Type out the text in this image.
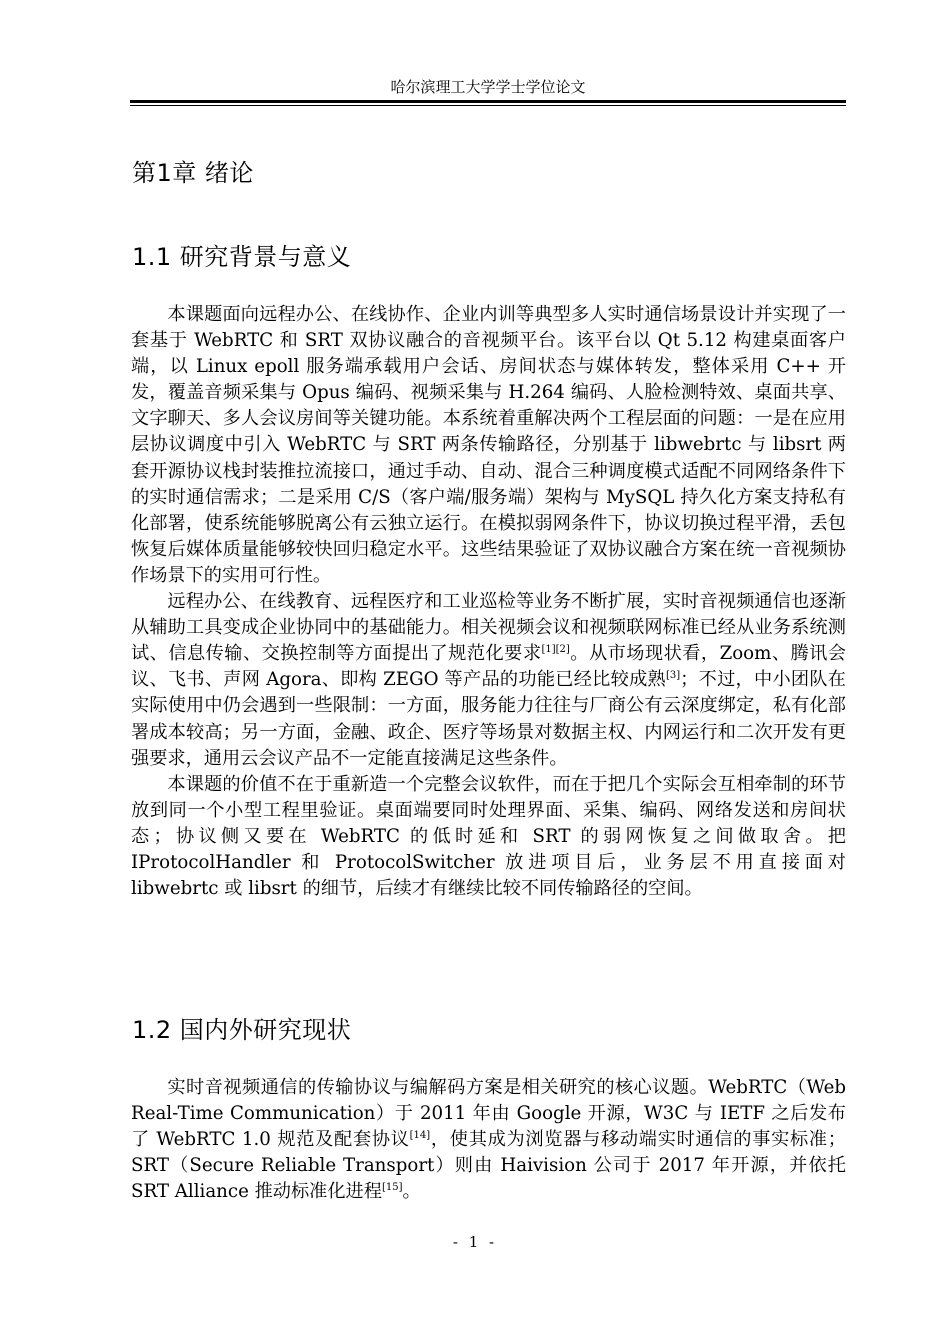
哈尔滨理工大学学士学位论文
第1章 绪论
1.1 研究背景与意义

本课题面向远程办公、在线协作、企业内训等典型多人实时通信场景设计并实现了一套基于 WebRTC 和 SRT 双协议融合的音视频平台。该平台以 Qt 5.12 构建桌面客户端，以 Linux epoll 服务端承载用户会话、房间状态与媒体转发，整体采用 C++ 开发，覆盖音频采集与 Opus 编码、视频采集与 H.264 编码、人脸检测特效、桌面共享、文字聊天、多人会议房间等关键功能。本系统着重解决两个工程层面的问题：一是在应用层协议调度中引入 WebRTC 与 SRT 两条传输路径，分别基于 libwebrtc 与 libsrt 两套开源协议栈封装推拉流接口，通过手动、自动、混合三种调度模式适配不同网络条件下的实时通信需求；二是采用 C/S（客户端/服务端）架构与 MySQL 持久化方案支持私有化部署，使系统能够脱离公有云独立运行。在模拟弱网条件下，协议切换过程平滑，丢包恢复后媒体质量能够较快回归稳定水平。这些结果验证了双协议融合方案在统一音视频协作场景下的实用可行性。

远程办公、在线教育、远程医疗和工业巡检等业务不断扩展，实时音视频通信也逐渐从辅助工具变成企业协同中的基础能力。相关视频会议和视频联网标准已经从业务系统测试、信息传输、交换控制等方面提出了规范化要求[1][2]。从市场现状看，Zoom、腾讯会议、飞书、声网 Agora、即构 ZEGO 等产品的功能已经比较成熟[3]；不过，中小团队在实际使用中仍会遇到一些限制：一方面，服务能力往往与厂商公有云深度绑定，私有化部署成本较高；另一方面，金融、政企、医疗等场景对数据主权、内网运行和二次开发有更强要求，通用云会议产品不一定能直接满足这些条件。

本课题的价值不在于重新造一个完整会议软件，而在于把几个实际会互相牵制的环节放到同一个小型工程里验证。桌面端要同时处理界面、采集、编码、网络发送和房间状态；协议侧又要在 WebRTC 的低时延和 SRT 的弱网恢复之间做取舍。把 IProtocolHandler 和 ProtocolSwitcher 放进项目后，业务层不用直接面对 libwebrtc 或 libsrt 的细节，后续才有继续比较不同传输路径的空间。

1.2 国内外研究现状

实时音视频通信的传输协议与编解码方案是相关研究的核心议题。WebRTC（Web Real-Time Communication）于 2011 年由 Google 开源，W3C 与 IETF 之后发布了 WebRTC 1.0 规范及配套协议[14]，使其成为浏览器与移动端实时通信的事实标准；SRT（Secure Reliable Transport）则由 Haivision 公司于 2017 年开源，并依托 SRT Alliance 推动标准化进程[15]。

- 1 -
